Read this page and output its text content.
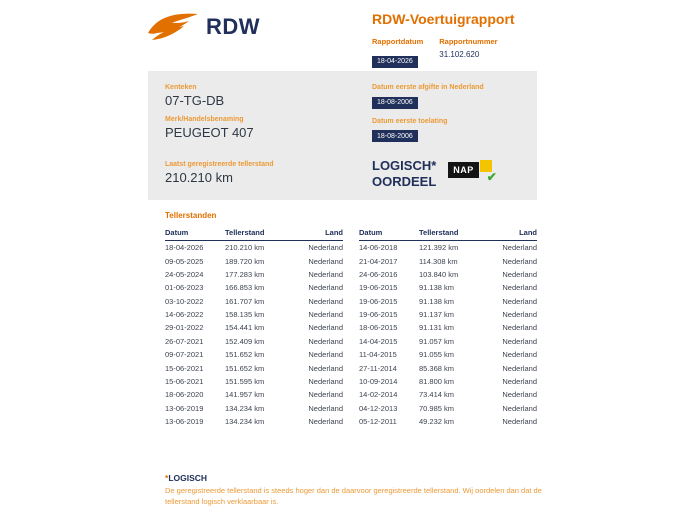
RDW	RDW-Voertuigrapport
Rapportdatum
18-04-2026
Rapportnummer
31.102.620
Kenteken
07-TG-DB
Merk/Handelsbenaming
PEUGEOT 407
Laatst geregistreerde tellerstand
210.210 km
Datum eerste afgifte in Nederland
18-08-2006
Datum eerste toelating
18-08-2006
LOGISCH*
OORDEEL
NAP ✔
Tellerstanden
Datum	Tellerstand	Land
18-04-2026	210.210 km	Nederland
09-05-2025	189.720 km	Nederland
24-05-2024	177.283 km	Nederland
01-06-2023	166.853 km	Nederland
03-10-2022	161.707 km	Nederland
14-06-2022	158.135 km	Nederland
29-01-2022	154.441 km	Nederland
26-07-2021	152.409 km	Nederland
09-07-2021	151.652 km	Nederland
15-06-2021	151.652 km	Nederland
15-06-2021	151.595 km	Nederland
18-06-2020	141.957 km	Nederland
13-06-2019	134.234 km	Nederland
13-06-2019	134.234 km	Nederland
Datum	Tellerstand	Land
14-06-2018	121.392 km	Nederland
21-04-2017	114.308 km	Nederland
24-06-2016	103.840 km	Nederland
19-06-2015	91.138 km	Nederland
19-06-2015	91.138 km	Nederland
19-06-2015	91.137 km	Nederland
18-06-2015	91.131 km	Nederland
14-04-2015	91.057 km	Nederland
11-04-2015	91.055 km	Nederland
27-11-2014	85.368 km	Nederland
10-09-2014	81.800 km	Nederland
14-02-2014	73.414 km	Nederland
04-12-2013	70.985 km	Nederland
05-12-2011	49.232 km	Nederland
*LOGISCH
De geregistreerde tellerstand is steeds hoger dan de daarvoor geregistreerde tellerstand. Wij oordelen dan dat de tellerstand logisch verklaarbaar is.
